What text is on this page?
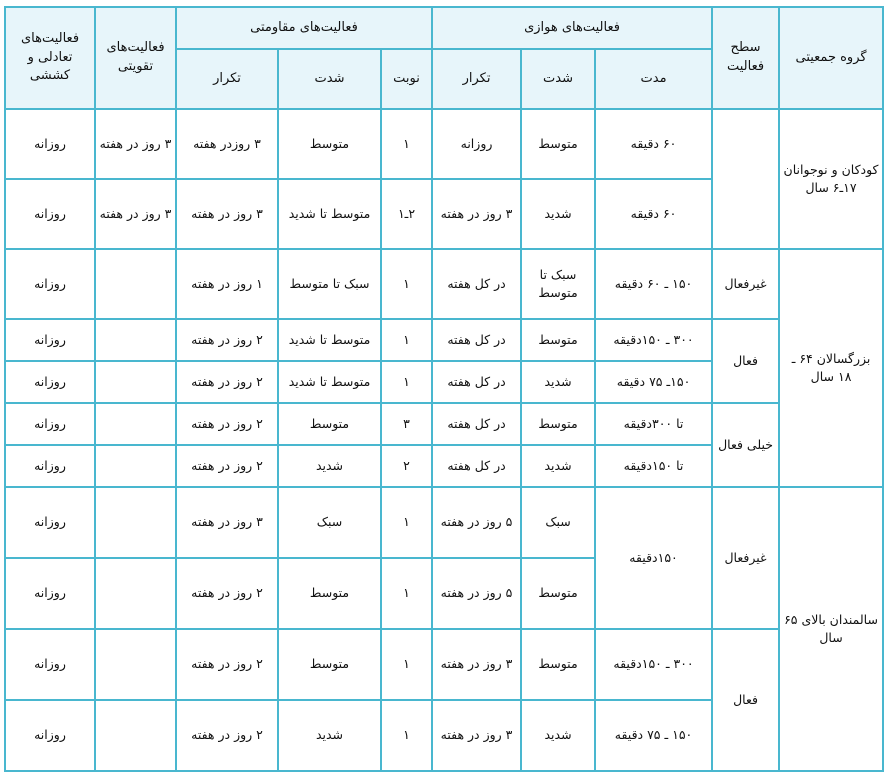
گروه جمعیتی	سطح فعالیت	فعالیت‌های هوازی			فعالیت‌های مقاومتی			فعالیت‌های تقویتی	فعالیت‌های تعادلی و کششی
		مدت	شدت	تکرار	نوبت	شدت	تکرار		
کودکان و نوجوانان ۱۷ـ۶ سال		۶۰ دقیقه	متوسط	روزانه	۱	متوسط	۳ روزدر هفته	۳ روز در هفته	روزانه
		۶۰ دقیقه	شدید	۳ روز در هفته	۲ـ۱	متوسط تا شدید	۳ روز در هفته	۳ روز در هفته	روزانه
بزرگسالان ۶۴ ـ ۱۸ سال	غیرفعال	۱۵۰ ـ ۶۰ دقیقه	سبک تا متوسط	در کل هفته	۱	سبک تا متوسط	۱ روز در هفته		روزانه
	فعال	۳۰۰ ـ ۱۵۰دقیقه	متوسط	در کل هفته	۱	متوسط تا شدید	۲ روز در هفته		روزانه
		۱۵۰ـ ۷۵ دقیقه	شدید	در کل هفته	۱	متوسط تا شدید	۲ روز در هفته		روزانه
	خیلی فعال	تا ۳۰۰دقیقه	متوسط	در کل هفته	۳	متوسط	۲ روز در هفته		روزانه
		تا ۱۵۰دقیقه	شدید	در کل هفته	۲	شدید	۲ روز در هفته		روزانه
سالمندان بالای ۶۵ سال	غیرفعال	۱۵۰دقیقه	سبک	۵ روز در هفته	۱	سبک	۳ روز در هفته		روزانه
			متوسط	۵ روز در هفته	۱	متوسط	۲ روز در هفته		روزانه
	فعال	۳۰۰ ـ ۱۵۰دقیقه	متوسط	۳ روز در هفته	۱	متوسط	۲ روز در هفته		روزانه
		۱۵۰ ـ ۷۵ دقیقه	شدید	۳ روز در هفته	۱	شدید	۲ روز در هفته		روزانه
